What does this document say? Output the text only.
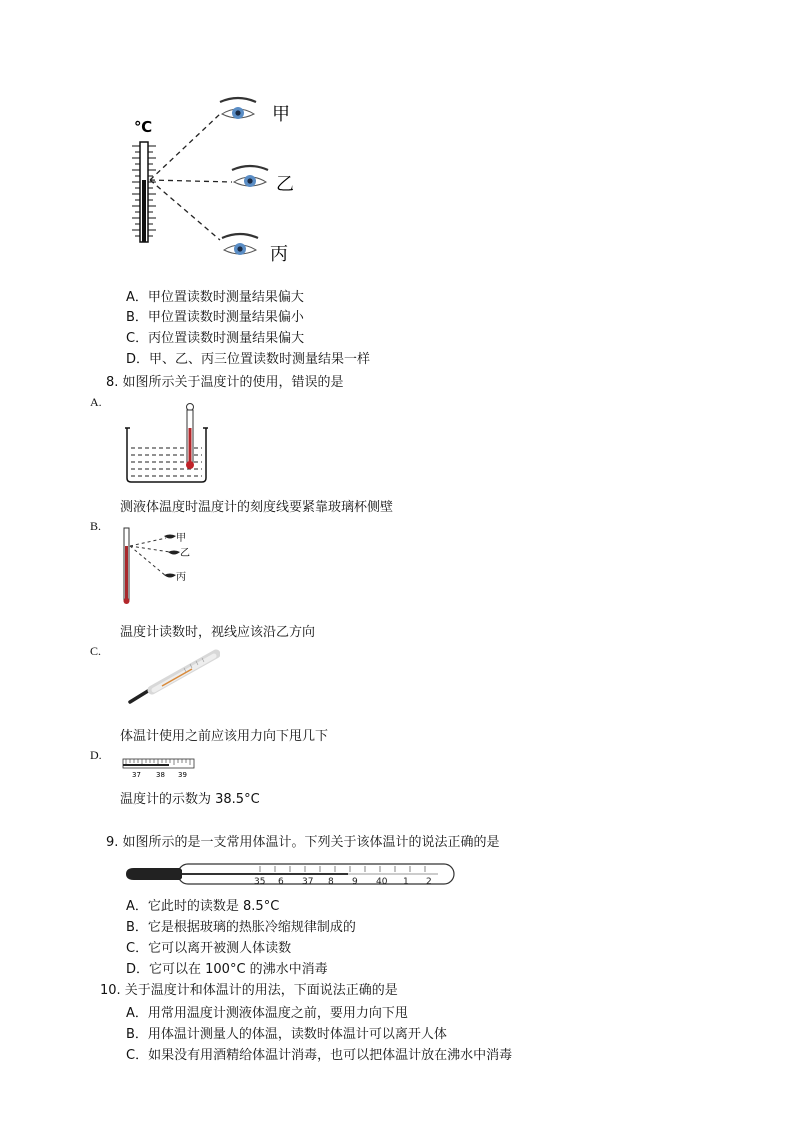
℃
甲
乙
丙
A．甲位置读数时测量结果偏大
B．甲位置读数时测量结果偏小
C．丙位置读数时测量结果偏大
D．甲、乙、丙三位置读数时测量结果一样
8. 如图所示关于温度计的使用，错误的是
A.
测液体温度时温度计的刻度线要紧靠玻璃杯侧壁
B.
甲
乙
丙
温度计读数时，视线应该沿乙方向
C.
体温计使用之前应该用力向下甩几下
D.
37 38 39
温度计的示数为 38.5°C
9. 如图所示的是一支常用体温计。下列关于该体温计的说法正确的是
35 6 37 8 9 40 1 2
A．它此时的读数是 8.5°C
B．它是根据玻璃的热胀冷缩规律制成的
C．它可以离开被测人体读数
D．它可以在 100°C 的沸水中消毒
10. 关于温度计和体温计的用法，下面说法正确的是
A．用常用温度计测液体温度之前，要用力向下甩
B．用体温计测量人的体温，读数时体温计可以离开人体
C．如果没有用酒精给体温计消毒，也可以把体温计放在沸水中消毒
